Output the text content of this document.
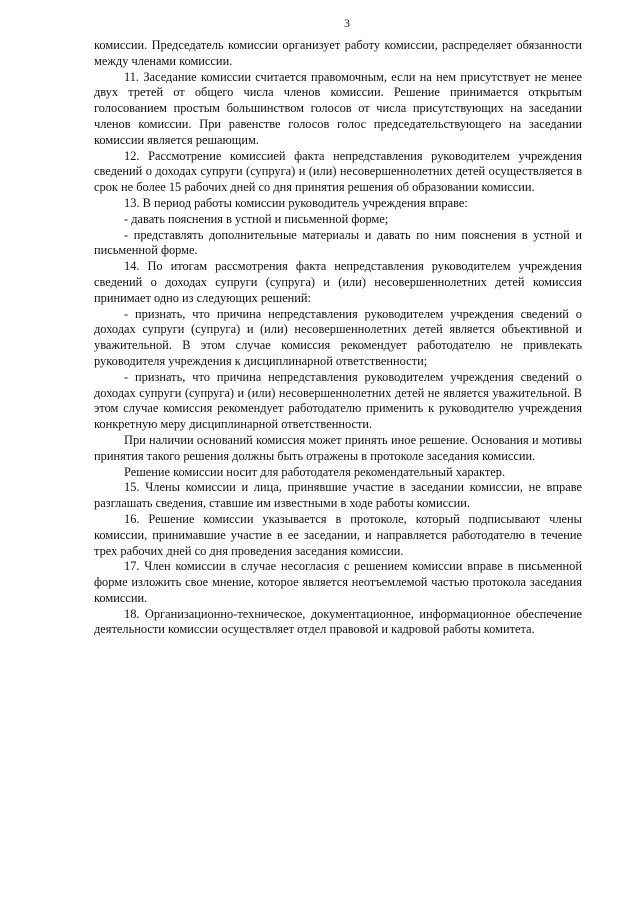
3

комиссии. Председатель комиссии организует работу комиссии, распределяет обязанности между членами комиссии.

11. Заседание комиссии считается правомочным, если на нем присутствует не менее двух третей от общего числа членов комиссии. Решение принимается открытым голосованием простым большинством голосов от числа присутствующих на заседании членов комиссии. При равенстве голосов голос председательствующего на заседании комиссии является решающим.

12. Рассмотрение комиссией факта непредставления руководителем учреждения сведений о доходах супруги (супруга) и (или) несовершеннолетних детей осуществляется в срок не более 15 рабочих дней со дня принятия решения об образовании комиссии.

13. В период работы комиссии руководитель учреждения вправе:

- давать пояснения в устной и письменной форме;

- представлять дополнительные материалы и давать по ним пояснения в устной и письменной форме.

14. По итогам рассмотрения факта непредставления руководителем учреждения сведений о доходах супруги (супруга) и (или) несовершеннолетних детей комиссия принимает одно из следующих решений:

- признать, что причина непредставления руководителем учреждения сведений о доходах супруги (супруга) и (или) несовершеннолетних детей является объективной и уважительной. В этом случае комиссия рекомендует работодателю не привлекать руководителя учреждения к дисциплинарной ответственности;

- признать, что причина непредставления руководителем учреждения сведений о доходах супруги (супруга) и (или) несовершеннолетних детей не является уважительной. В этом случае комиссия рекомендует работодателю применить к руководителю учреждения конкретную меру дисциплинарной ответственности.

При наличии оснований комиссия может принять иное решение. Основания и мотивы принятия такого решения должны быть отражены в протоколе заседания комиссии.

Решение комиссии носит для работодателя рекомендательный характер.

15. Члены комиссии и лица, принявшие участие в заседании комиссии, не вправе разглашать сведения, ставшие им известными в ходе работы комиссии.

16. Решение комиссии указывается в протоколе, который подписывают члены комиссии, принимавшие участие в ее заседании, и направляется работодателю в течение трех рабочих дней со дня проведения заседания комиссии.

17. Член комиссии в случае несогласия с решением комиссии вправе в письменной форме изложить свое мнение, которое является неотъемлемой частью протокола заседания комиссии.

18. Организационно-техническое, документационное, информационное обеспечение деятельности комиссии осуществляет отдел правовой и кадровой работы комитета.
